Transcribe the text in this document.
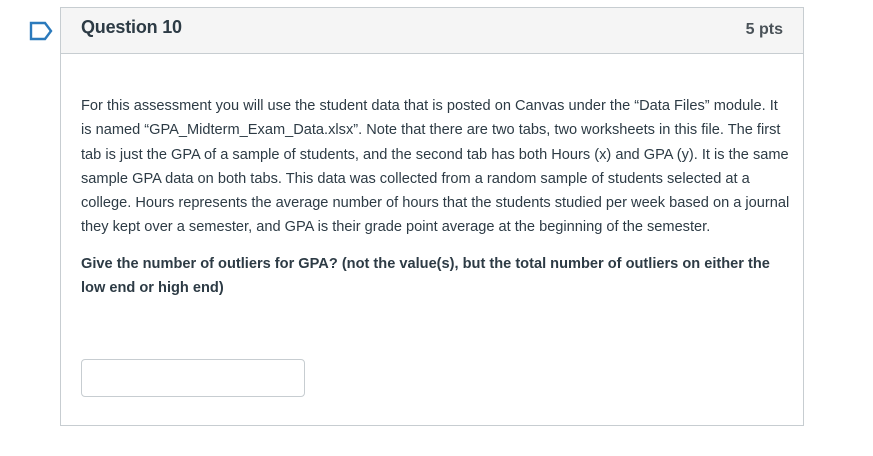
Question 10	5 pts

For this assessment you will use the student data that is posted on Canvas under the “Data Files” module. It is named “GPA_Midterm_Exam_Data.xlsx”. Note that there are two tabs, two worksheets in this file. The first tab is just the GPA of a sample of students, and the second tab has both Hours (x) and GPA (y). It is the same sample GPA data on both tabs. This data was collected from a random sample of students selected at a college. Hours represents the average number of hours that the students studied per week based on a journal they kept over a semester, and GPA is their grade point average at the beginning of the semester.

Give the number of outliers for GPA? (not the value(s), but the total number of outliers on either the low end or high end)
